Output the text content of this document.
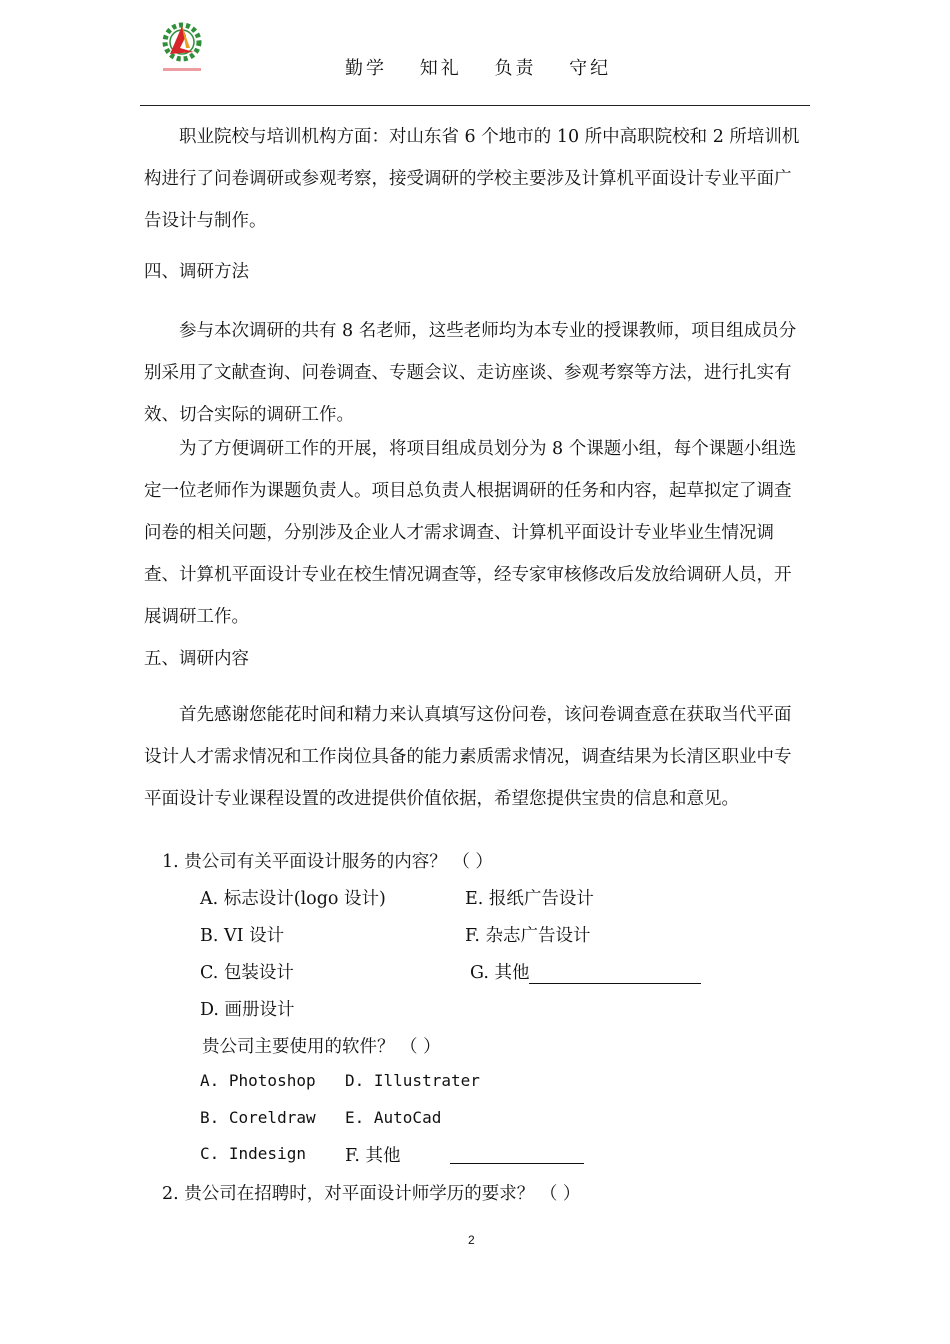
勤学 知礼 负责 守纪
职业院校与培训机构方面：对山东省 6 个地市的 10 所中高职院校和 2 所培训机构进行了问卷调研或参观考察，接受调研的学校主要涉及计算机平面设计专业平面广告设计与制作。
四、调研方法
参与本次调研的共有 8 名老师，这些老师均为本专业的授课教师，项目组成员分别采用了文献查询、问卷调查、专题会议、走访座谈、参观考察等方法，进行扎实有效、切合实际的调研工作。
为了方便调研工作的开展，将项目组成员划分为 8 个课题小组，每个课题小组选定一位老师作为课题负责人。项目总负责人根据调研的任务和内容，起草拟定了调查问卷的相关问题，分别涉及企业人才需求调查、计算机平面设计专业毕业生情况调查、计算机平面设计专业在校生情况调查等，经专家审核修改后发放给调研人员，开展调研工作。
五、调研内容
首先感谢您能花时间和精力来认真填写这份问卷，该问卷调查意在获取当代平面设计人才需求情况和工作岗位具备的能力素质需求情况，调查结果为长清区职业中专平面设计专业课程设置的改进提供价值依据，希望您提供宝贵的信息和意见。
1. 贵公司有关平面设计服务的内容？ （ ）
A. 标志设计(logo 设计)	E. 报纸广告设计
B. VI 设计	F. 杂志广告设计
C. 包装设计	G. 其他
D. 画册设计
贵公司主要使用的软件？ （ ）
A. Photoshop D. Illustrater
B. Coreldraw E. AutoCad
C. Indesign F. 其他
2. 贵公司在招聘时，对平面设计师学历的要求？ （ ）
2
